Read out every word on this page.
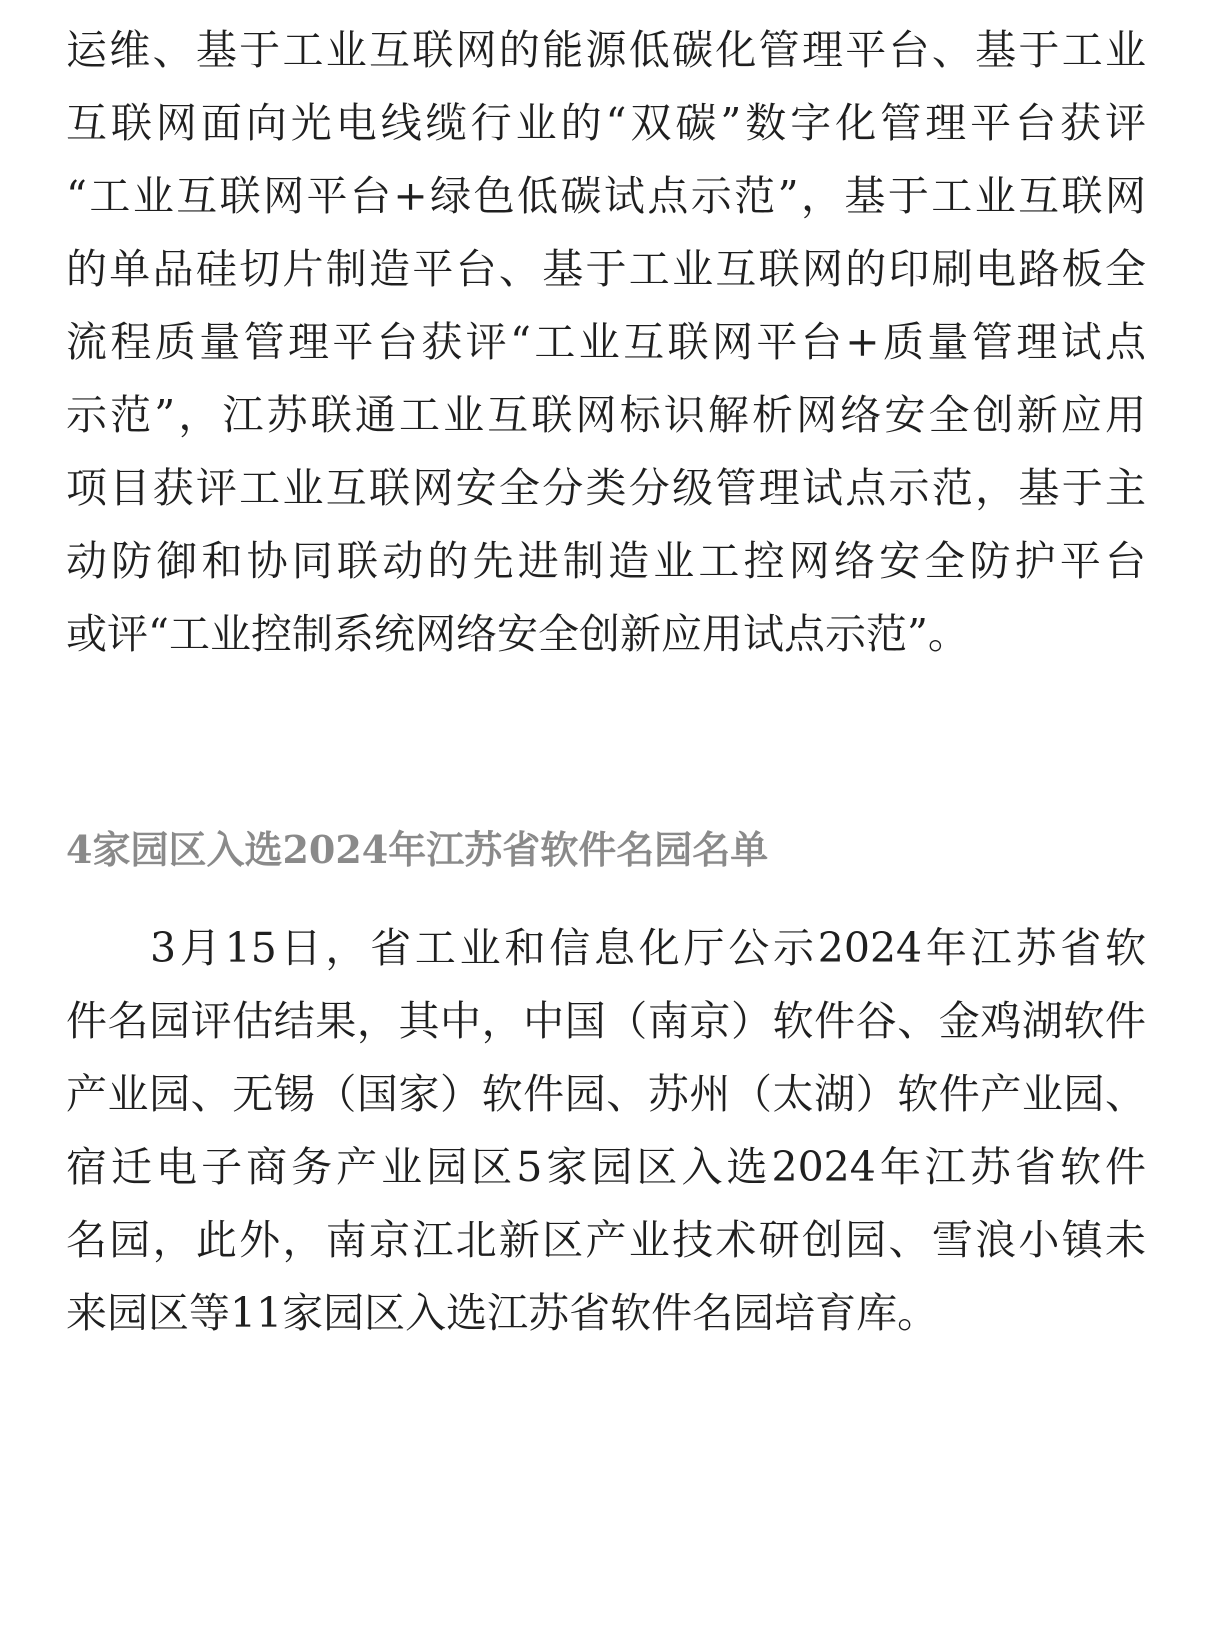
运维、基于工业互联网的能源低碳化管理平台、基于工业
互联网面向光电线缆行业的“双碳”数字化管理平台获评
“工业互联网平台+绿色低碳试点示范”，基于工业互联网
的单品硅切片制造平台、基于工业互联网的印刷电路板全
流程质量管理平台获评“工业互联网平台+质量管理试点
示范”，江苏联通工业互联网标识解析网络安全创新应用
项目获评工业互联网安全分类分级管理试点示范，基于主
动防御和协同联动的先进制造业工控网络安全防护平台
或评“工业控制系统网络安全创新应用试点示范”。
4家园区入选2024年江苏省软件名园名单
3月15日，省工业和信息化厅公示2024年江苏省软
件名园评估结果，其中，中国（南京）软件谷、金鸡湖软件
产业园、无锡（国家）软件园、苏州（太湖）软件产业园、
宿迁电子商务产业园区5家园区入选2024年江苏省软件
名园，此外，南京江北新区产业技术研创园、雪浪小镇未
来园区等11家园区入选江苏省软件名园培育库。
